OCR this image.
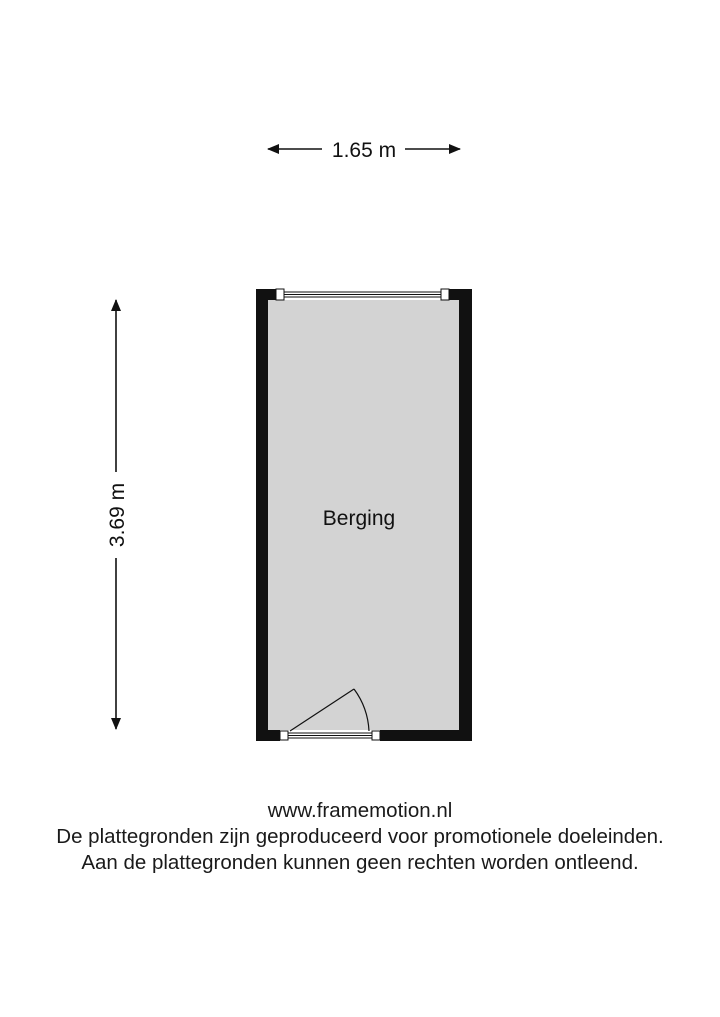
1.65 m
3.69 m	Berging
www.framemotion.nl
De plattegronden zijn geproduceerd voor promotionele doeleinden.
Aan de plattegronden kunnen geen rechten worden ontleend.
